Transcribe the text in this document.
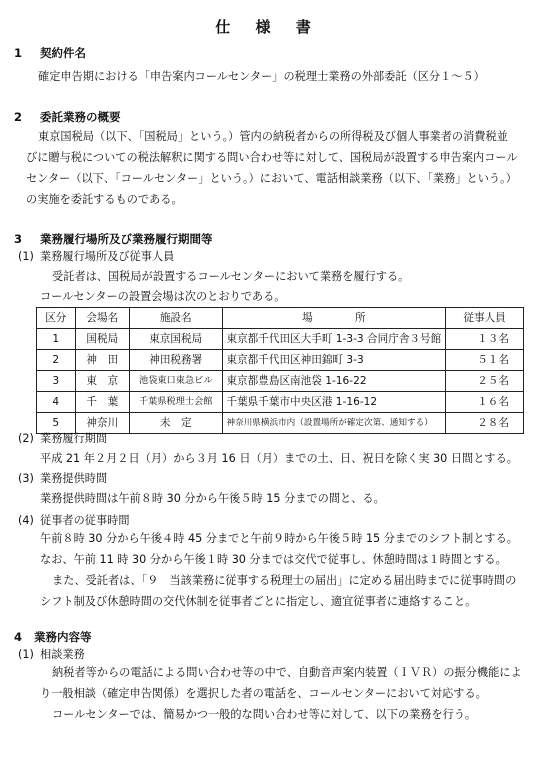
仕 様 書
1 契約件名
確定申告期における「申告案内コールセンター」の税理士業務の外部委託（区分１～５）
2 委託業務の概要
東京国税局（以下、「国税局」という。）管内の納税者からの所得税及び個人事業者の消費税並
びに贈与税についての税法解釈に関する問い合わせ等に対して、国税局が設置する申告案内コール
センター（以下、「コールセンター」という。）において、電話相談業務（以下、「業務」という。）
の実施を委託するものである。
3 業務履行場所及び業務履行期間等
(1) 業務履行場所及び従事人員
受託者は、国税局が設置するコールセンターにおいて業務を履行する。
コールセンターの設置会場は次のとおりである。
区分	会場名	施設名	場　　　　所	従事人員
1	国税局	東京国税局	東京都千代田区大手町 1-3-3 合同庁舎３号館	１３名
2	神　田	神田税務署	東京都千代田区神田錦町 3-3	５１名
3	東　京	池袋東口東急ビル	東京都豊島区南池袋 1-16-22	２５名
4	千　葉	千葉県税理士会館	千葉県千葉市中央区港 1-16-12	１６名
5	神奈川	未　定	神奈川県横浜市内（設置場所が確定次第、通知する）	２８名
(2) 業務履行期間
平成 21 年２月２日（月）から３月 16 日（月）までの土、日、祝日を除く実 30 日間とする。
(3) 業務提供時間
業務提供時間は午前８時 30 分から午後５時 15 分までの間と、る。
(4) 従事者の従事時間
午前８時 30 分から午後４時 45 分までと午前９時から午後５時 15 分までのシフト制とする。
なお、午前 11 時 30 分から午後１時 30 分までは交代で従事し、休憩時間は１時間とする。
また、受託者は、「９　当該業務に従事する税理士の届出」に定める届出時までに従事時間の
シフト制及び休憩時間の交代休制を従事者ごとに指定し、適宜従事者に連絡すること。
4 業務内容等
(1) 相談業務
納税者等からの電話による問い合わせ等の中で、自動音声案内装置（ＩＶＲ）の振分機能によ
り一般相談（確定申告関係）を選択した者の電話を、コールセンターにおいて対応する。
コールセンターでは、簡易かつ一般的な問い合わせ等に対して、以下の業務を行う。
